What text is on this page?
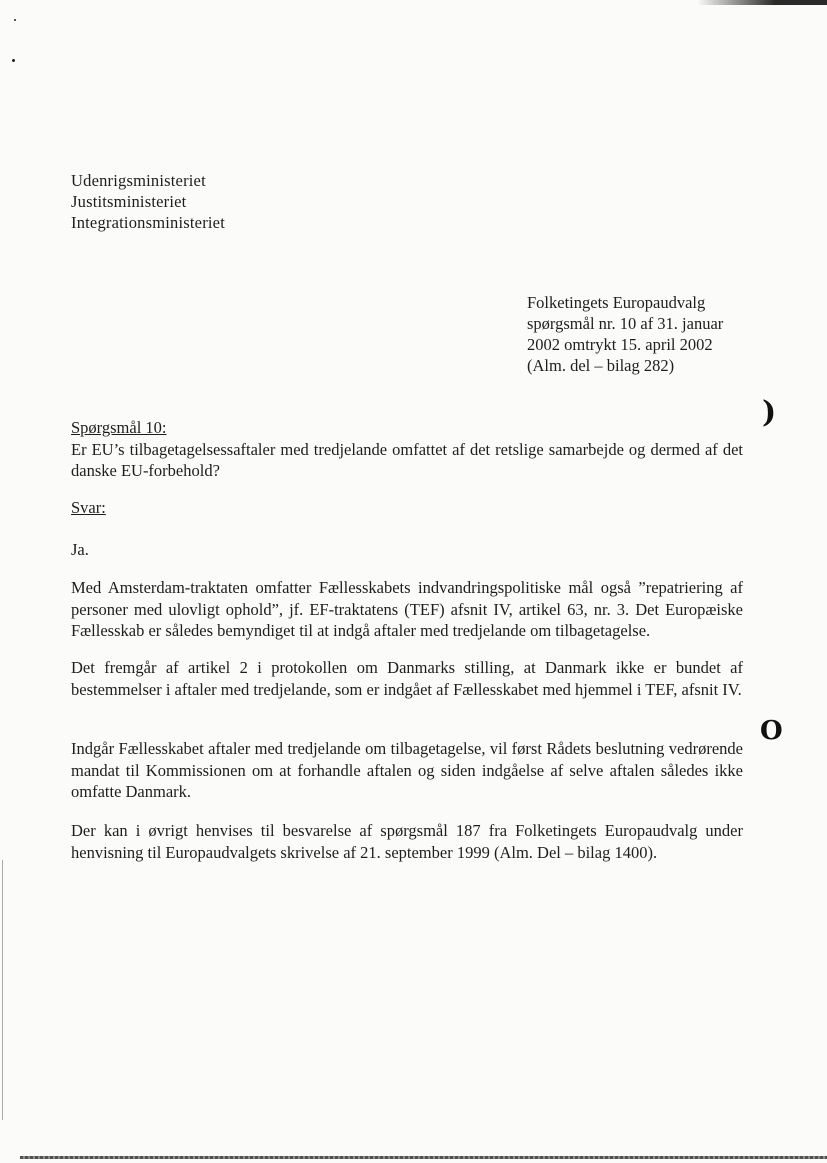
)
O
Udenrigsministeriet
Justitsministeriet
Integrationsministeriet
Folketingets Europaudvalg
spørgsmål nr. 10 af 31. januar
2002 omtrykt 15. april 2002
(Alm. del – bilag 282)
Spørgsmål 10:
Er EU’s tilbagetagelsessaftaler med tredjelande omfattet af det retslige samarbejde og dermed af det danske EU-forbehold?
Svar:
Ja.
Med Amsterdam-traktaten omfatter Fællesskabets indvandringspolitiske mål også ”repatriering af personer med ulovligt ophold”, jf. EF-traktatens (TEF) afsnit IV, artikel 63, nr. 3. Det Europæiske Fællesskab er således bemyndiget til at indgå aftaler med tredjelande om tilbagetagelse.
Det fremgår af artikel 2 i protokollen om Danmarks stilling, at Danmark ikke er bundet af bestemmelser i aftaler med tredjelande, som er indgået af Fællesskabet med hjemmel i TEF, afsnit IV.
Indgår Fællesskabet aftaler med tredjelande om tilbagetagelse, vil først Rådets beslutning vedrørende mandat til Kommissionen om at forhandle aftalen og siden indgåelse af selve aftalen således ikke omfatte Danmark.
Der kan i øvrigt henvises til besvarelse af spørgsmål 187 fra Folketingets Europaudvalg under henvisning til Europaudvalgets skrivelse af 21. september 1999 (Alm. Del – bilag 1400).
